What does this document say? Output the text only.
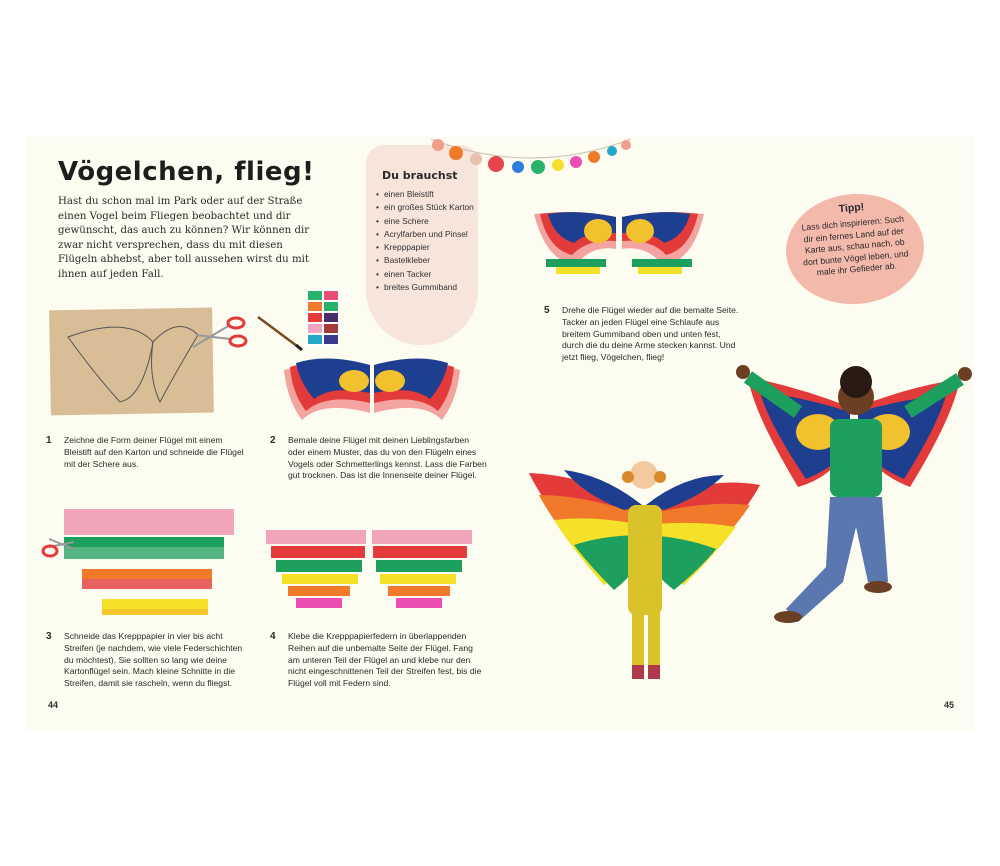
Vögelchen, flieg!
Hast du schon mal im Park oder auf der Straße einen Vogel beim Fliegen beobachtet und dir gewünscht, das auch zu können? Wir können dir zwar nicht versprechen, dass du mit diesen Flügeln abhebst, aber toll aussehen wirst du mit ihnen auf jeden Fall.
Du brauchst
• einen Bleistift
• ein großes Stück Karton
• eine Schere
• Acrylfarben und Pinsel
• Krepppapier
• Bastelkleber
• einen Tacker
• breites Gummiband
1 Zeichne die Form deiner Flügel mit einem Bleistift auf den Karton und schneide die Flügel mit der Schere aus.
2 Bemale deine Flügel mit deinen Lieblingsfarben oder einem Muster, das du von den Flügeln eines Vogels oder Schmetterlings kennst. Lass die Farben gut trocknen. Das ist die Innenseite deiner Flügel.
3 Schneide das Krepppapier in vier bis acht Streifen (je nachdem, wie viele Federschichten du möchtest). Sie sollten so lang wie deine Kartonflügel sein. Mach kleine Schnitte in die Streifen, damit sie rascheln, wenn du fliegst.
4 Klebe die Krepppapierfedern in überlappenden Reihen auf die unbemalte Seite der Flügel. Fang am unteren Teil der Flügel an und klebe nur den nicht eingeschnittenen Teil der Streifen fest, bis die Flügel voll mit Federn sind.
44
5 Drehe die Flügel wieder auf die bemalte Seite. Tacker an jeden Flügel eine Schlaufe aus breitem Gummiband oben und unten fest, durch die du deine Arme stecken kannst. Und jetzt flieg, Vögelchen, flieg!
Tipp!
Lass dich inspirieren: Such dir ein fernes Land auf der Karte aus, schau nach, ob dort bunte Vögel leben, und male ihr Gefieder ab.
45
